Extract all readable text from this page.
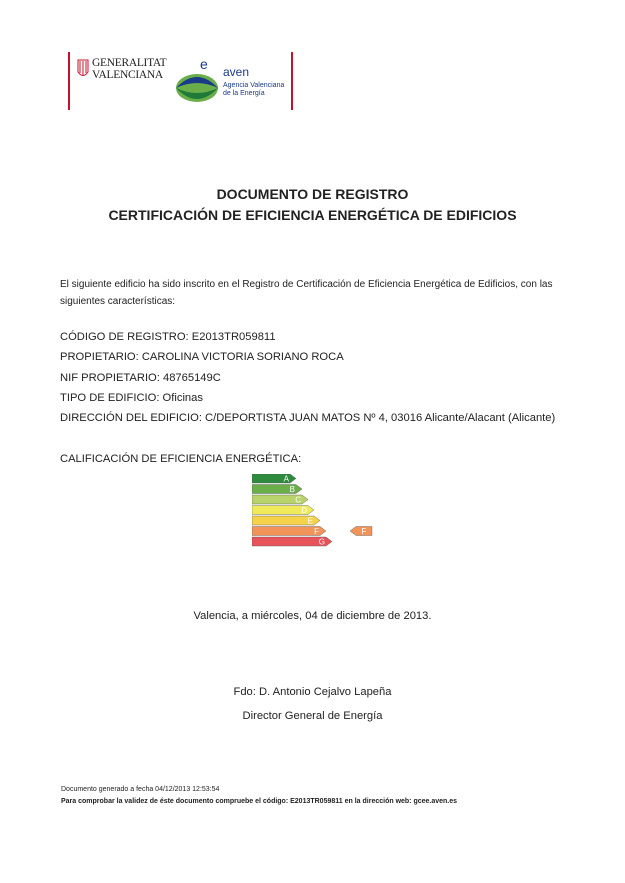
GENERALITAT
VALENCIANA
e aven
Agencia Valenciana
de la Energía
DOCUMENTO DE REGISTRO
CERTIFICACIÓN DE EFICIENCIA ENERGÉTICA DE EDIFICIOS
El siguiente edificio ha sido inscrito en el Registro de Certificación de Eficiencia Energética de Edificios, con las siguientes características:
CÓDIGO DE REGISTRO: E2013TR059811
PROPIETARIO: CAROLINA VICTORIA SORIANO ROCA
NIF PROPIETARIO: 48765149C
TIPO DE EDIFICIO: Oficinas
DIRECCIÓN DEL EDIFICIO: C/DEPORTISTA JUAN MATOS Nº 4, 03016 Alicante/Alacant (Alicante)
CALIFICACIÓN DE EFICIENCIA ENERGÉTICA:
A
B
C
D
E
F
G
F
Valencia, a miércoles, 04 de diciembre de 2013.
Fdo: D. Antonio Cejalvo Lapeña
Director General de Energía
Documento generado a fecha 04/12/2013 12:53:54
Para comprobar la validez de éste documento compruebe el código: E2013TR059811 en la dirección web: gcee.aven.es
